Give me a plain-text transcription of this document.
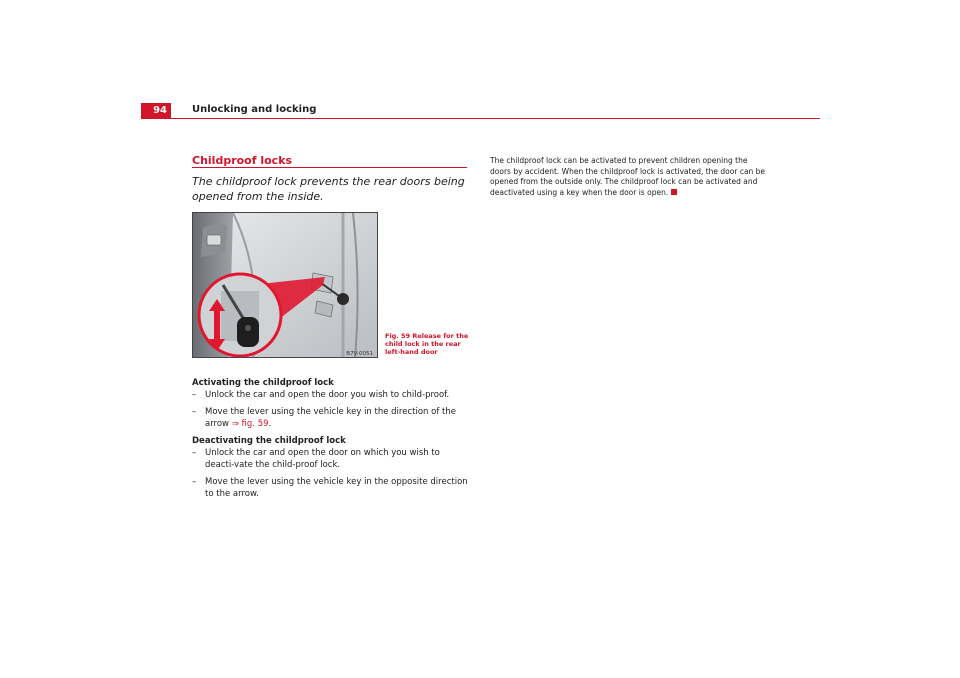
94	Unlocking and locking
Childproof locks
The childproof lock prevents the rear doors being opened from the inside.
B7V-0051
Fig. 59 Release for the child lock in the rear left-hand door

Activating the childproof lock

– Unlock the car and open the door you wish to child-proof.

– Move the lever using the vehicle key in the direction of the arrow ⇒ fig. 59.

Deactivating the childproof lock

– Unlock the car and open the door on which you wish to deacti-vate the child-proof lock.

– Move the lever using the vehicle key in the opposite direction to the arrow.

The childproof lock can be activated to prevent children opening the doors by accident. When the childproof lock is activated, the door can be opened from the outside only. The childproof lock can be activated and deactivated using a key when the door is open.
